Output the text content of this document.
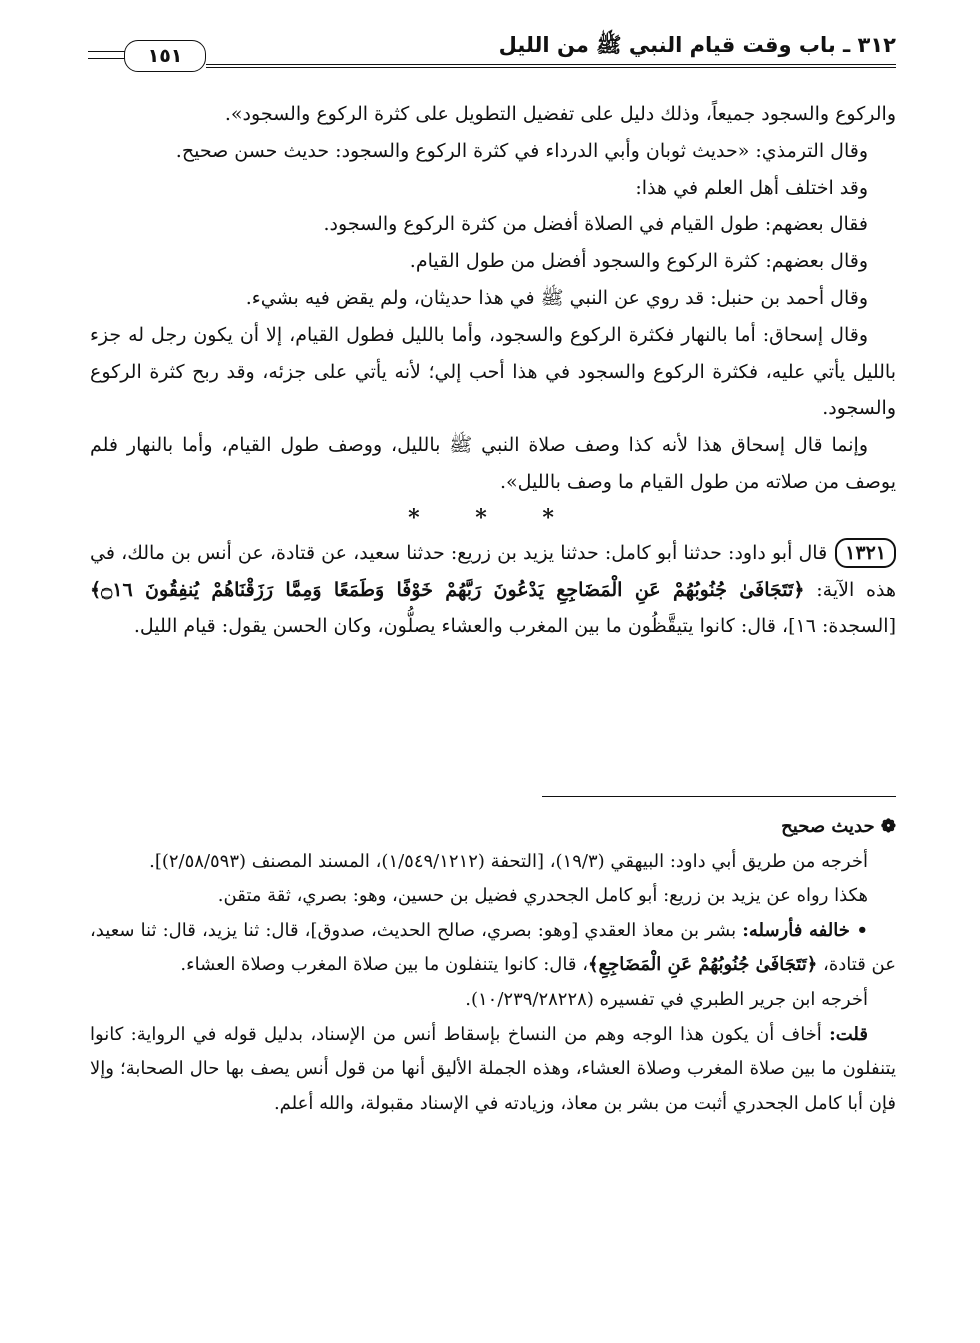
٣١٢ ـ باب وقت قيام النبي ﷺ من الليل
١٥١

والركوع والسجود جميعاً، وذلك دليل على تفضيل التطويل على كثرة الركوع والسجود».

وقال الترمذي: «حديث ثوبان وأبي الدرداء في كثرة الركوع والسجود: حديث حسن صحيح.

وقد اختلف أهل العلم في هذا:

فقال بعضهم: طول القيام في الصلاة أفضل من كثرة الركوع والسجود.

وقال بعضهم: كثرة الركوع والسجود أفضل من طول القيام.

وقال أحمد بن حنبل: قد روي عن النبي ﷺ في هذا حديثان، ولم يقض فيه بشيء.

وقال إسحاق: أما بالنهار فكثرة الركوع والسجود، وأما بالليل فطول القيام، إلا أن يكون رجل له جزء بالليل يأتي عليه، فكثرة الركوع والسجود في هذا أحب إلي؛ لأنه يأتي على جزئه، وقد ربح كثرة الركوع والسجود.

وإنما قال إسحاق هذا لأنه كذا وصف صلاة النبي ﷺ بالليل، ووصف طول القيام، وأما بالنهار فلم يوصف من صلاته من طول القيام ما وصف بالليل».

* * *

١٣٢١قال أبو داود: حدثنا أبو كامل: حدثنا يزيد بن زريع: حدثنا سعيد، عن قتادة، عن أنس بن مالك، في هذه الآية: ﴿تَتَجَافَىٰ جُنُوبُهُمْ عَنِ الْمَضَاجِعِ يَدْعُونَ رَبَّهُمْ خَوْفًا وَطَمَعًا وَمِمَّا رَزَقْنَاهُمْ يُنفِقُونَ ۝١٦﴾ [السجدة: ١٦]، قال: كانوا يتيقَّظُون ما بين المغرب والعشاء يصلُّون، وكان الحسن يقول: قيام الليل.

❁ حديث صحيح

أخرجه من طريق أبي داود: البيهقي (١٩/٣)، [التحفة (١/٥٤٩/١٢١٢)، المسند المصنف (٢/٥٨/٥٩٣)].

هكذا رواه عن يزيد بن زريع: أبو كامل الجحدري فضيل بن حسين، وهو: بصري، ثقة متقن.

• خالفه فأرسله: بشر بن معاذ العقدي [وهو: بصري، صالح الحديث، صدوق]، قال: ثنا يزيد، قال: ثنا سعيد، عن قتادة، ﴿تَتَجَافَىٰ جُنُوبُهُمْ عَنِ الْمَضَاجِعِ﴾، قال: كانوا يتنفلون ما بين صلاة المغرب وصلاة العشاء.

أخرجه ابن جرير الطبري في تفسيره (١٠/٢٣٩/٢٨٢٢٨).

قلت: أخاف أن يكون هذا الوجه وهم من النساخ بإسقاط أنس من الإسناد، بدليل قوله في الرواية: كانوا يتنفلون ما بين صلاة المغرب وصلاة العشاء، وهذه الجملة الأليق أنها من قول أنس يصف بها حال الصحابة؛ وإلا فإن أبا كامل الجحدري أثبت من بشر بن معاذ، وزيادته في الإسناد مقبولة، والله أعلم.
